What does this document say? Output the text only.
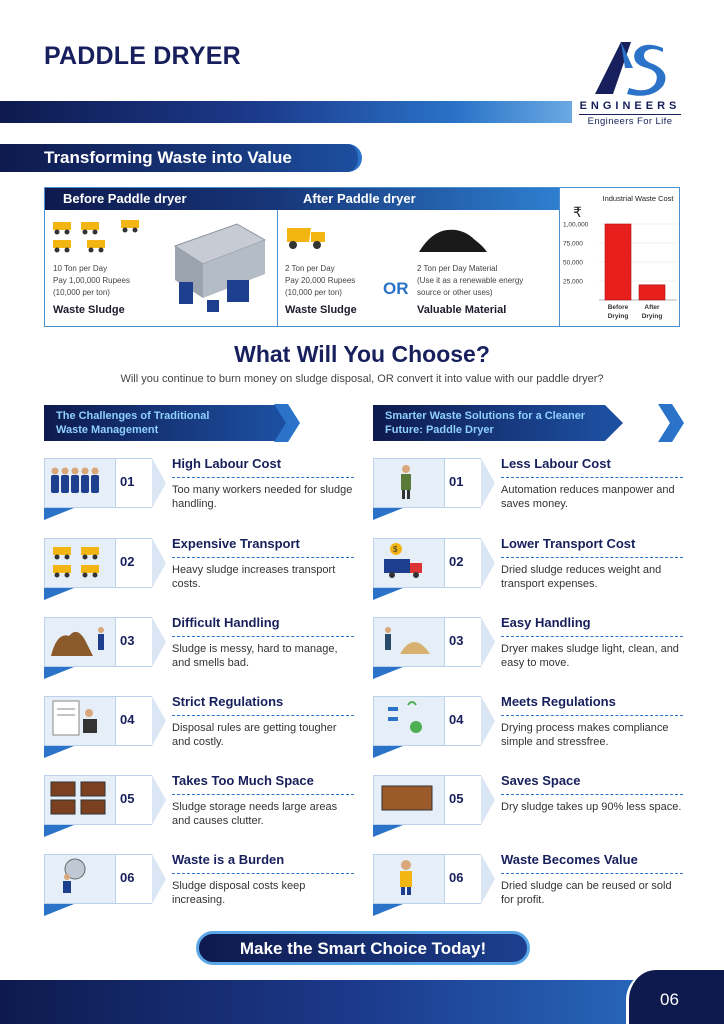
PADDLE DRYER
ENGINEERS
Engineers For Life
Transforming Waste into Value
Before Paddle dryer	After Paddle dryer
10 Ton per Day
Pay 1,00,000 Rupees
(10,000 per ton)
Waste Sludge
2 Ton per Day
Pay 20,000 Rupees
(10,000 per ton)
Waste Sludge
OR
2 Ton per Day Material
(Use it as a renewable energy
source or other uses)
Valuable Material
Industrial Waste Cost
₹
1,00,000
75,000
50,000
25,000
Before
Drying
After
Drying
What Will You Choose?
Will you continue to burn money on sludge disposal, OR convert it into value with our paddle dryer?
The Challenges of Traditional
Waste Management
Smarter Waste Solutions for a Cleaner
Future: Paddle Dryer
01
High Labour Cost
Too many workers needed for sludge handling.
02
Expensive Transport
Heavy sludge increases transport costs.
03
Difficult Handling
Sludge is messy, hard to manage, and smells bad.
04
Strict Regulations
Disposal rules are getting tougher and costly.
05
Takes Too Much Space
Sludge storage needs large areas and causes clutter.
06
Waste is a Burden
Sludge disposal costs keep increasing.
01
Less Labour Cost
Automation reduces manpower and saves money.
$
02
Lower Transport Cost
Dried sludge reduces weight and transport expenses.
03
Easy Handling
Dryer makes sludge light, clean, and easy to move.
04
Meets Regulations
Drying process makes compliance simple and stressfree.
05
Saves Space
Dry sludge takes up 90% less space.
06
Waste Becomes Value
Dried sludge can be reused or sold for profit.
Make the Smart Choice Today!
06
